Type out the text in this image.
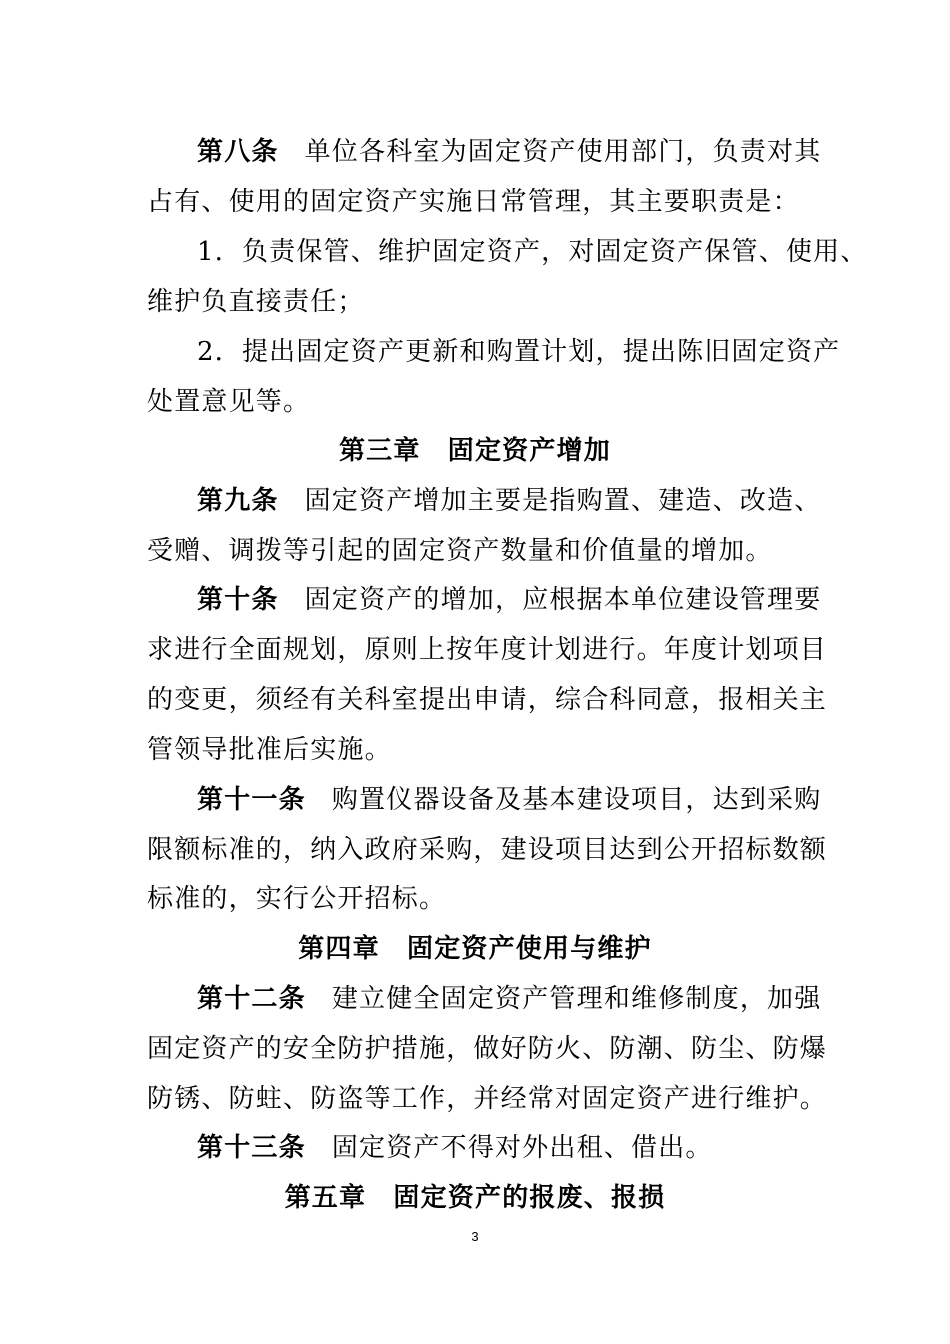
第八条 单位各科室为固定资产使用部门，负责对其
占有、使用的固定资产实施日常管理，其主要职责是：
1．负责保管、维护固定资产，对固定资产保管、使用、
维护负直接责任；
2．提出固定资产更新和购置计划，提出陈旧固定资产
处置意见等。
第三章　固定资产增加
第九条 固定资产增加主要是指购置、建造、改造、
受赠、调拨等引起的固定资产数量和价值量的增加。
第十条 固定资产的增加，应根据本单位建设管理要
求进行全面规划，原则上按年度计划进行。年度计划项目
的变更，须经有关科室提出申请，综合科同意，报相关主
管领导批准后实施。
第十一条 购置仪器设备及基本建设项目，达到采购
限额标准的，纳入政府采购，建设项目达到公开招标数额
标准的，实行公开招标。
第四章　固定资产使用与维护
第十二条 建立健全固定资产管理和维修制度，加强
固定资产的安全防护措施，做好防火、防潮、防尘、防爆
防锈、防蛀、防盗等工作，并经常对固定资产进行维护。
第十三条 固定资产不得对外出租、借出。
第五章　固定资产的报废、报损
3
